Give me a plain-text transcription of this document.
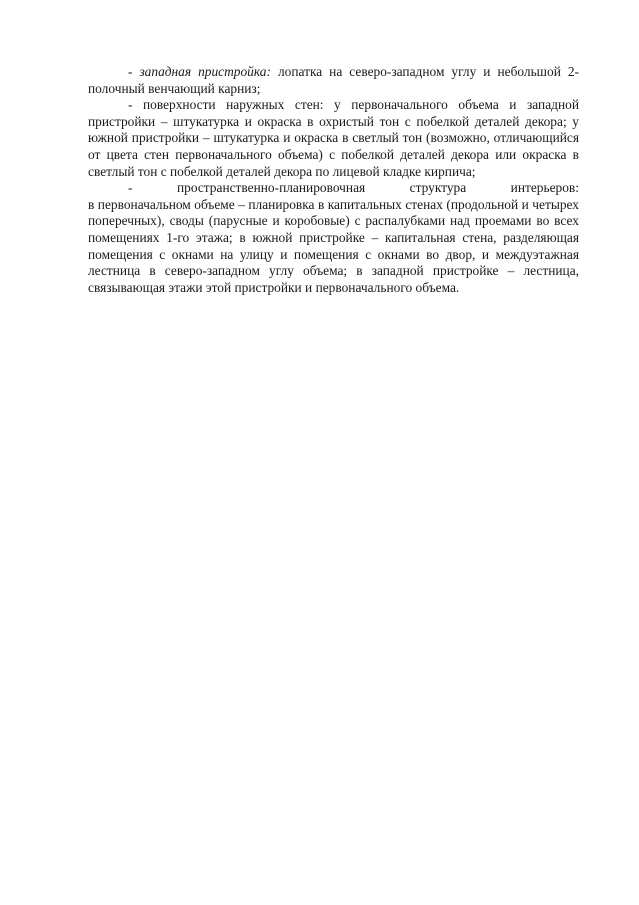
- западная пристройка: лопатка на северо-западном углу и небольшой 2-полочный венчающий карниз;

- поверхности наружных стен: у первоначального объема и западной пристройки – штукатурка и окраска в охристый тон с побелкой деталей декора; у южной пристройки – штукатурка и окраска в светлый тон (возможно, отличающийся от цвета стен первоначального объема) с побелкой деталей декора или окраска в светлый тон с побелкой деталей декора по лицевой кладке кирпича;

-	пространственно-планировочная	структура	интерьеров:

в первоначальном объеме – планировка в капитальных стенах (продольной и четырех поперечных), своды (парусные и коробовые) с распалубками над проемами во всех помещениях 1-го этажа; в южной пристройке – капитальная стена, разделяющая помещения с окнами на улицу и помещения с окнами во двор, и междуэтажная лестница в северо-западном углу объема; в западной пристройке – лестница, связывающая этажи этой пристройки и первоначального объема.
